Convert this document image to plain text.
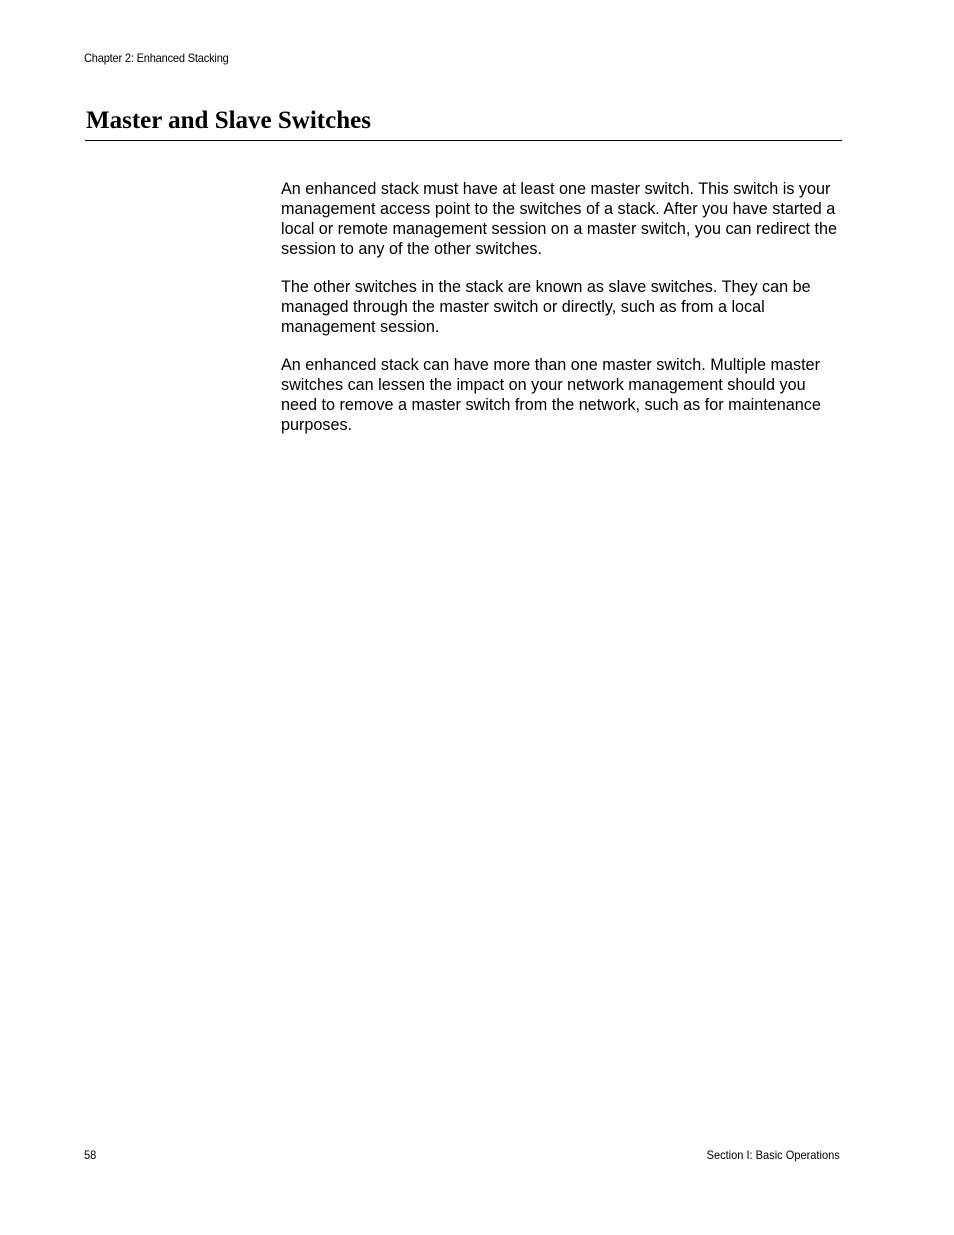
Chapter 2: Enhanced Stacking
Master and Slave Switches

An enhanced stack must have at least one master switch. This switch is your management access point to the switches of a stack. After you have started a local or remote management session on a master switch, you can redirect the session to any of the other switches.

The other switches in the stack are known as slave switches. They can be managed through the master switch or directly, such as from a local management session.

An enhanced stack can have more than one master switch. Multiple master switches can lessen the impact on your network management should you need to remove a master switch from the network, such as for maintenance purposes.

58	Section I: Basic Operations
